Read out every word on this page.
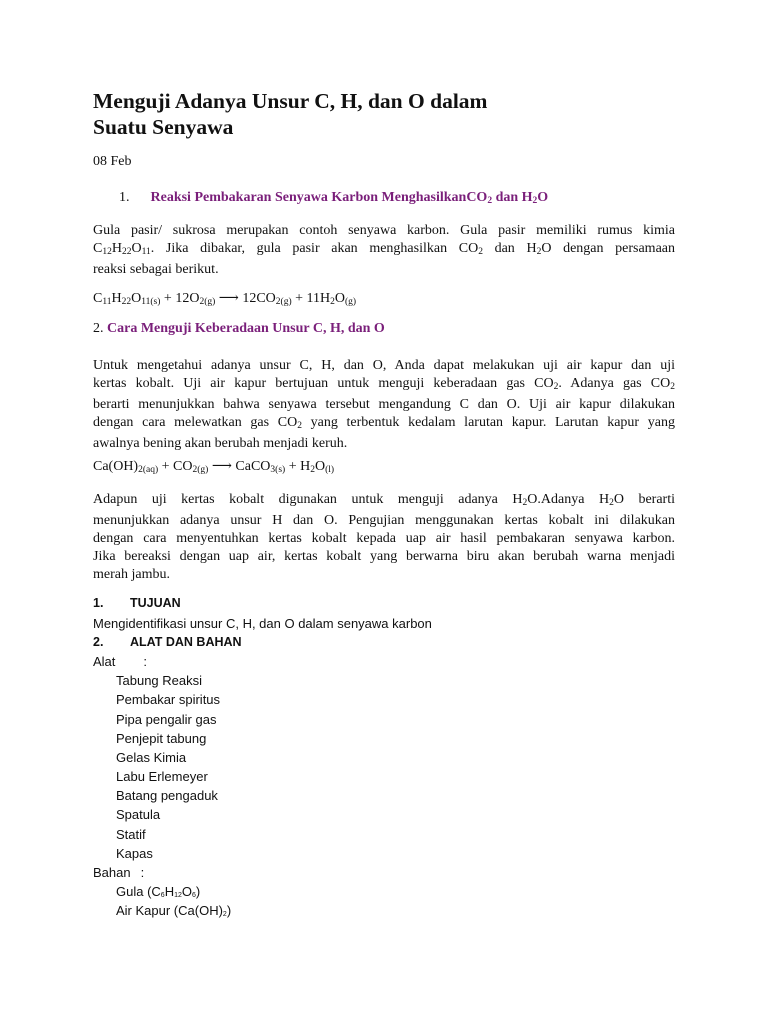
Menguji Adanya Unsur C, H, dan O dalam
Suatu Senyawa
08 Feb
1. Reaksi Pembakaran Senyawa Karbon MenghasilkanCO$_2$ dan $H_2O$
Gula pasir/ sukrosa merupakan contoh senyawa karbon. Gula pasir memiliki rumus kimia
$C_{12}H_{22}O_{11}$. Jika dibakar, gula pasir akan menghasilkan $CO_2$ dan $H_2O$ dengan persamaan
reaksi sebagai berikut.
$C_{11}H_{22}O_{11(s)} + 12O_{2(g)}$ ⟶ $12CO_{2(g)} + 11H_2O_{(g)}$
2. Cara Menguji Keberadaan Unsur C, H, dan O
Untuk mengetahui adanya unsur C, H, dan O, Anda dapat melakukan uji air kapur dan uji
kertas kobalt. Uji air kapur bertujuan untuk menguji keberadaan gas $CO_2$. Adanya gas $CO_2$
berarti menunjukkan bahwa senyawa tersebut mengandung C dan O. Uji air kapur dilakukan
dengan cara melewatkan gas $CO_2$ yang terbentuk kedalam larutan kapur. Larutan kapur yang
awalnya bening akan berubah menjadi keruh.
$Ca(OH)_{2(aq)} + CO_{2(g)}$ ⟶ CaCO$_{3(s)}$ + $H_2O_{(l)}$
Adapun uji kertas kobalt digunakan untuk menguji adanya $H_2O.Adanya$ $H_2O$ berarti
menunjukkan adanya unsur H dan O. Pengujian menggunakan kertas kobalt ini dilakukan
dengan cara menyentuhkan kertas kobalt kepada uap air hasil pembakaran senyawa karbon.
Jika bereaksi dengan uap air, kertas kobalt yang berwarna biru akan berubah warna menjadi
merah jambu.
1. TUJUAN
Mengidentifikasi unsur C, H, dan O dalam senyawa karbon
2. ALAT DAN BAHAN
Alat :
Tabung Reaksi
Pembakar spiritus
Pipa pengalir gas
Penjepit tabung
Gelas Kimia
Labu Erlemeyer
Batang pengaduk
Spatula
Statif
Kapas
Bahan :
Gula (C6H12O6)
Air Kapur (Ca(OH)2)
